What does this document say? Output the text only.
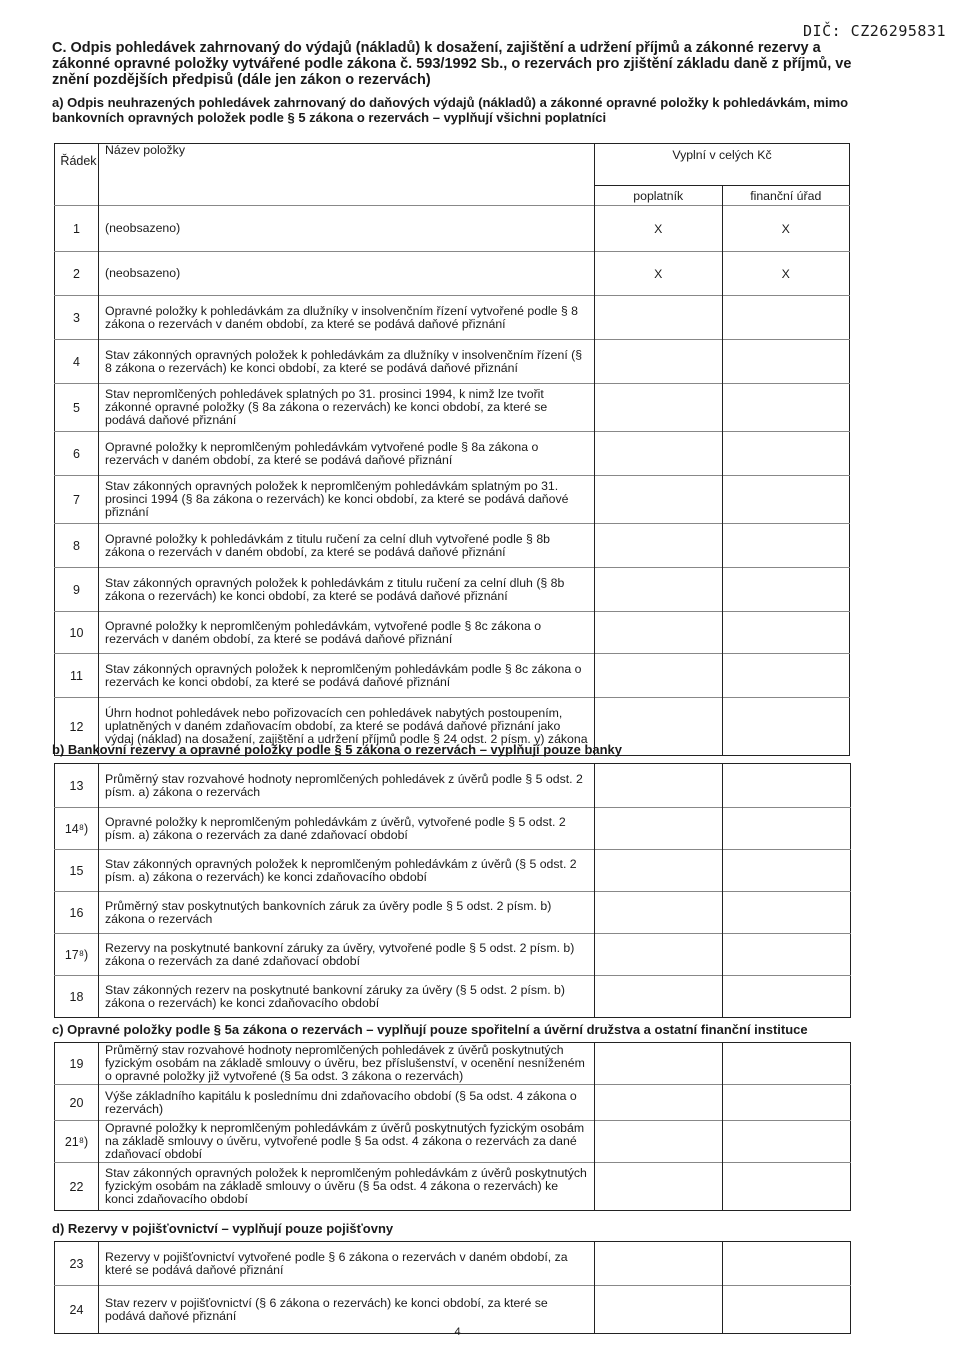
DIČ: CZ26295831
C. Odpis pohledávek zahrnovaný do výdajů (nákladů) k dosažení, zajištění a udržení příjmů a zákonné rezervy a zákonné opravné položky vytvářené podle zákona č. 593/1992 Sb., o rezervách pro zjištění základu daně z příjmů, ve znění pozdějších předpisů (dále jen zákon o rezervách)
a) Odpis neuhrazených pohledávek zahrnovaný do daňových výdajů (nákladů) a zákonné opravné položky k pohledávkám, mimo bankovních opravných položek podle § 5 zákona o rezervách – vyplňují všichni poplatníci
Řádek	Název položky	Vyplní v celých Kč	
		poplatník	finanční úřad
1	(neobsazeno)	X	X
2	(neobsazeno)	X	X
3	Opravné položky k pohledávkám za dlužníky v insolvenčním řízení vytvořené podle § 8 zákona o rezervách v daném období, za které se podává daňové přiznání		
4	Stav zákonných opravných položek k pohledávkám za dlužníky v insolvenčním řízení (§ 8 zákona o rezervách) ke konci období, za které se podává daňové přiznání		
5	Stav nepromlčených pohledávek splatných po 31. prosinci 1994, k nimž lze tvořit zákonné opravné položky (§ 8a zákona o rezervách) ke konci období, za které se podává daňové přiznání		
6	Opravné položky k nepromlčeným pohledávkám vytvořené podle § 8a zákona o rezervách v daném období, za které se podává daňové přiznání		
7	Stav zákonných opravných položek k nepromlčeným pohledávkám splatným po 31. prosinci 1994 (§ 8a zákona o rezervách) ke konci období, za které se podává daňové přiznání		
8	Opravné položky k pohledávkám z titulu ručení za celní dluh vytvořené podle § 8b zákona o rezervách v daném období, za které se podává daňové přiznání		
9	Stav zákonných opravných položek k pohledávkám z titulu ručení za celní dluh (§ 8b zákona o rezervách) ke konci období, za které se podává daňové přiznání		
10	Opravné položky k nepromlčeným pohledávkám, vytvořené podle § 8c zákona o rezervách v daném období, za které se podává daňové přiznání		
11	Stav zákonných opravných položek k nepromlčeným pohledávkám podle § 8c zákona o rezervách ke konci období, za které se podává daňové přiznání		
12	Úhrn hodnot pohledávek nebo pořizovacích cen pohledávek nabytých postoupením, uplatněných v daném zdaňovacím období, za které se podává daňové přiznání jako výdaj (náklad) na dosažení, zajištění a udržení příjmů podle § 24 odst. 2 písm. y) zákona		
b) Bankovní rezervy a opravné položky podle § 5 zákona o rezervách – vyplňují pouze banky
13	Průměrný stav rozvahové hodnoty nepromlčených pohledávek z úvěrů podle § 5 odst. 2 písm. a) zákona o rezervách		
14⁸)	Opravné položky k nepromlčeným pohledávkám z úvěrů, vytvořené podle § 5 odst. 2 písm. a) zákona o rezervách za dané zdaňovací období		
15	Stav zákonných opravných položek k nepromlčeným pohledávkám z úvěrů (§ 5 odst. 2 písm. a) zákona o rezervách) ke konci zdaňovacího období		
16	Průměrný stav poskytnutých bankovních záruk za úvěry podle § 5 odst. 2 písm. b) zákona o rezervách		
17⁸)	Rezervy na poskytnuté bankovní záruky za úvěry, vytvořené podle § 5 odst. 2 písm. b) zákona o rezervách za dané zdaňovací období		
18	Stav zákonných rezerv na poskytnuté bankovní záruky za úvěry (§ 5 odst. 2 písm. b) zákona o rezervách) ke konci zdaňovacího období		
c) Opravné položky podle § 5a zákona o rezervách – vyplňují pouze spořitelní a úvěrní družstva a ostatní finanční instituce
19	Průměrný stav rozvahové hodnoty nepromlčených pohledávek z úvěrů poskytnutých fyzickým osobám na základě smlouvy o úvěru, bez příslušenství, v ocenění nesníženém o opravné položky již vytvořené (§ 5a odst. 3 zákona o rezervách)		
20	Výše základního kapitálu k poslednímu dni zdaňovacího období (§ 5a odst. 4 zákona o rezervách)		
21⁸)	Opravné položky k nepromlčeným pohledávkám z úvěrů poskytnutých fyzickým osobám na základě smlouvy o úvěru, vytvořené podle § 5a odst. 4 zákona o rezervách za dané zdaňovací období		
22	Stav zákonných opravných položek k nepromlčeným pohledávkám z úvěrů poskytnutých fyzickým osobám na základě smlouvy o úvěru (§ 5a odst. 4 zákona o rezervách) ke konci zdaňovacího období		
d) Rezervy v pojišťovnictví – vyplňují pouze pojišťovny
23	Rezervy v pojišťovnictví vytvořené podle § 6 zákona o rezervách v daném období, za které se podává daňové přiznání		
24	Stav rezerv v pojišťovnictví (§ 6 zákona o rezervách) ke konci období, za které se podává daňové přiznání		
4
